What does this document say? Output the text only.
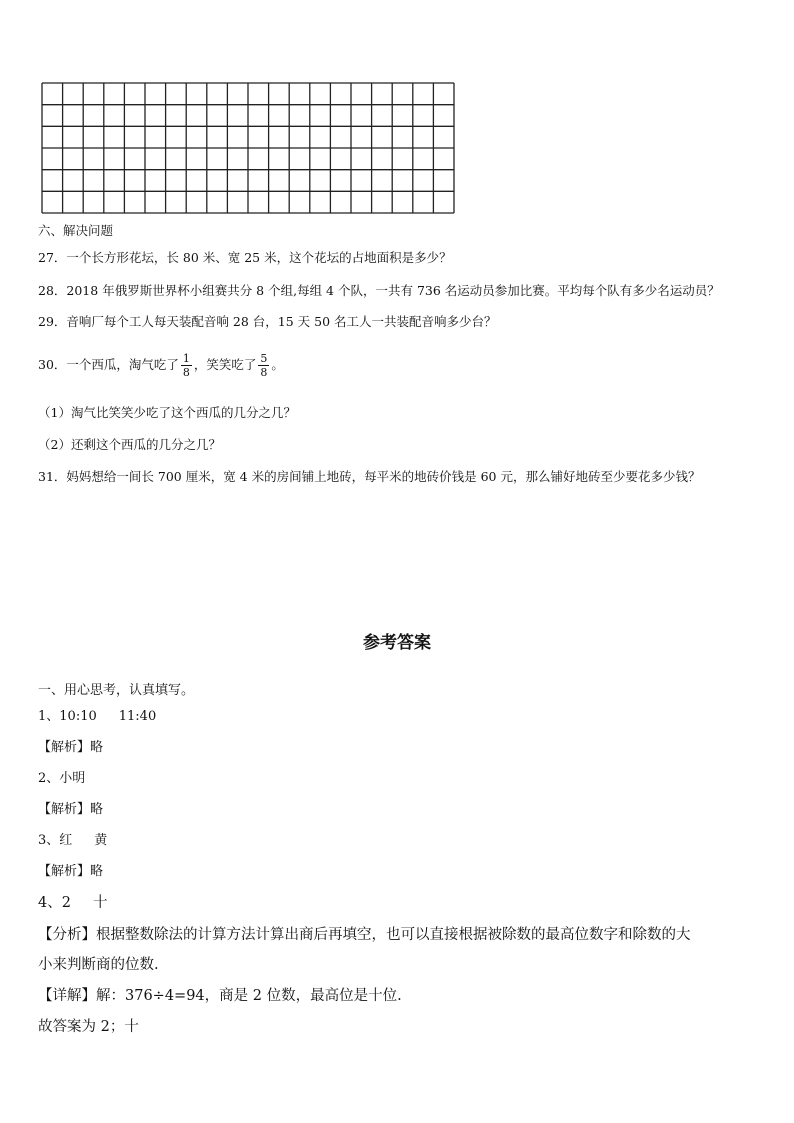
六、解决问题
27．一个长方形花坛，长 80 米、宽 25 米，这个花坛的占地面积是多少？
28．2018 年俄罗斯世界杯小组赛共分 8 个组,每组 4 个队，一共有 736 名运动员参加比赛。平均每个队有多少名运动员？
29．音响厂每个工人每天装配音响 28 台，15 天 50 名工人一共装配音响多少台？
30．一个西瓜，淘气吃了 $\frac{1}{8}$ ，笑笑吃了 $\frac{5}{8}$ 。
（1）淘气比笑笑少吃了这个西瓜的几分之几？
（2）还剩这个西瓜的几分之几？
31．妈妈想给一间长 700 厘米，宽 4 米的房间铺上地砖，每平米的地砖价钱是 60 元，那么铺好地砖至少要花多少钱？
参考答案
一、用心思考，认真填写。
1、10:10 11:40
【解析】略
2、小明
【解析】略
3、红 黄
【解析】略
4、2 十
【分析】根据整数除法的计算方法计算出商后再填空，也可以直接根据被除数的最高位数字和除数的大
小来判断商的位数.
【详解】解：376÷4=94，商是 2 位数，最高位是十位.
故答案为 2；十
